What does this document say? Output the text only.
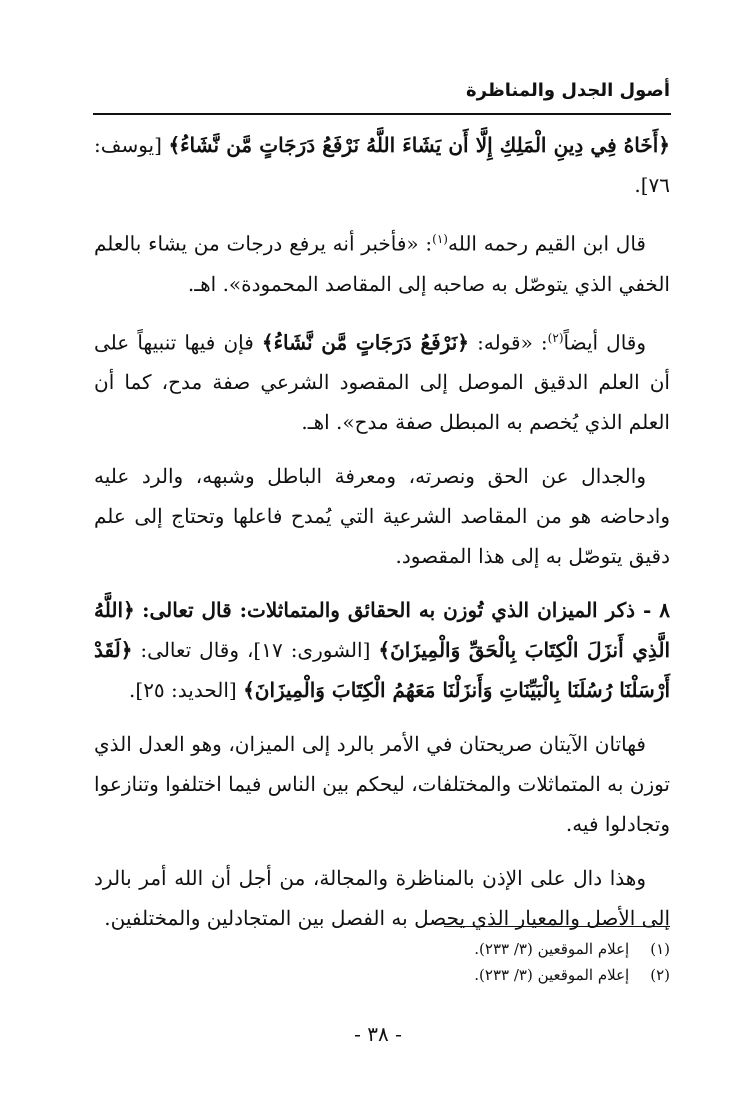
أصول الجدل والمناظرة

﴿أَخَاهُ فِي دِينِ الْمَلِكِ إِلَّا أَن يَشَاءَ اللَّهُ نَرْفَعُ دَرَجَاتٍ مَّن نَّشَاءُ﴾ [يوسف: ٧٦].

قال ابن القيم رحمه الله$^{(١)}$: «فأخبر أنه يرفع درجات من يشاء بالعلم الخفي الذي يتوصّل به صاحبه إلى المقاصد المحمودة». اهـ.

وقال أيضاً$^{(٢)}$: «قوله: ﴿نَرْفَعُ دَرَجَاتٍ مَّن نَّشَاءُ﴾ فإن فيها تنبيهاً على أن العلم الدقيق الموصل إلى المقصود الشرعي صفة مدح، كما أن العلم الذي يُخصم به المبطل صفة مدح». اهـ.

والجدال عن الحق ونصرته، ومعرفة الباطل وشبهه، والرد عليه وادحاضه هو من المقاصد الشرعية التي يُمدح فاعلها وتحتاج إلى علم دقيق يتوصّل به إلى هذا المقصود.

٨ - ذكر الميزان الذي تُوزن به الحقائق والمتماثلات: قال تعالى: ﴿اللَّهُ الَّذِي أَنزَلَ الْكِتَابَ بِالْحَقِّ وَالْمِيزَانَ﴾ [الشورى: ١٧]، وقال تعالى: ﴿لَقَدْ أَرْسَلْنَا رُسُلَنَا بِالْبَيِّنَاتِ وَأَنزَلْنَا مَعَهُمُ الْكِتَابَ وَالْمِيزَانَ﴾ [الحديد: ٢٥].

فهاتان الآيتان صريحتان في الأمر بالرد إلى الميزان، وهو العدل الذي توزن به المتماثلات والمختلفات، ليحكم بين الناس فيما اختلفوا وتنازعوا وتجادلوا فيه.

وهذا دال على الإذن بالمناظرة والمجالة، من أجل أن الله أمر بالرد إلى الأصل والمعيار الذي يحصل به الفصل بين المتجادلين والمختلفين.

(١) إعلام الموقعين (٣/ ٢٣٣).
(٢) إعلام الموقعين (٣/ ٢٣٣).
- ٣٨ -
